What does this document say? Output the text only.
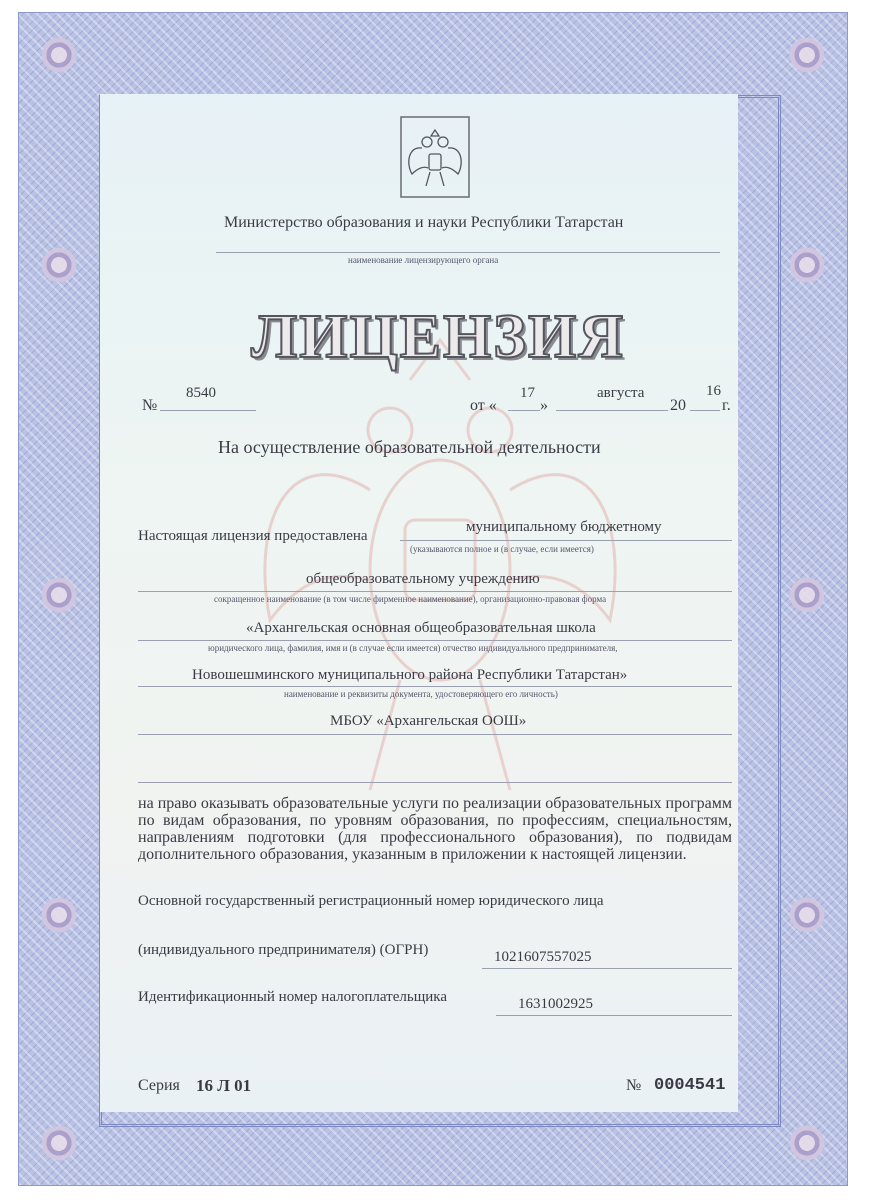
Министерство образования и науки Республики Татарстан
наименование лицензирующего органа
ЛИЦЕНЗИЯ
№
8540
от «
17
»
августа
20
16
г.
На осуществление образовательной деятельности
Настоящая лицензия предоставлена
муниципальному бюджетному
(указываются полное и (в случае, если имеется)
общеобразовательному учреждению
сокращенное наименование (в том числе фирменное наименование), организационно-правовая форма
«Архангельская основная общеобразовательная школа
юридического лица, фамилия, имя и (в случае если имеется) отчество индивидуального предпринимателя,
Новошешминского муниципального района Республики Татарстан»
наименование и реквизиты документа, удостоверяющего его личность)
МБОУ «Архангельская ООШ»
на право оказывать образовательные услуги по реализации образовательных программ по видам образования, по уровням образования, по профессиям, специальностям, направлениям подготовки (для профессионального образования), по подвидам дополнительного образования, указанным в приложении к настоящей лицензии.
Основной государственный регистрационный номер юридического лица
(индивидуального предпринимателя) (ОГРН)	1021607557025
Идентификационный номер налогоплательщика	1631002925
Серия 16 Л 01	№ 0004541
